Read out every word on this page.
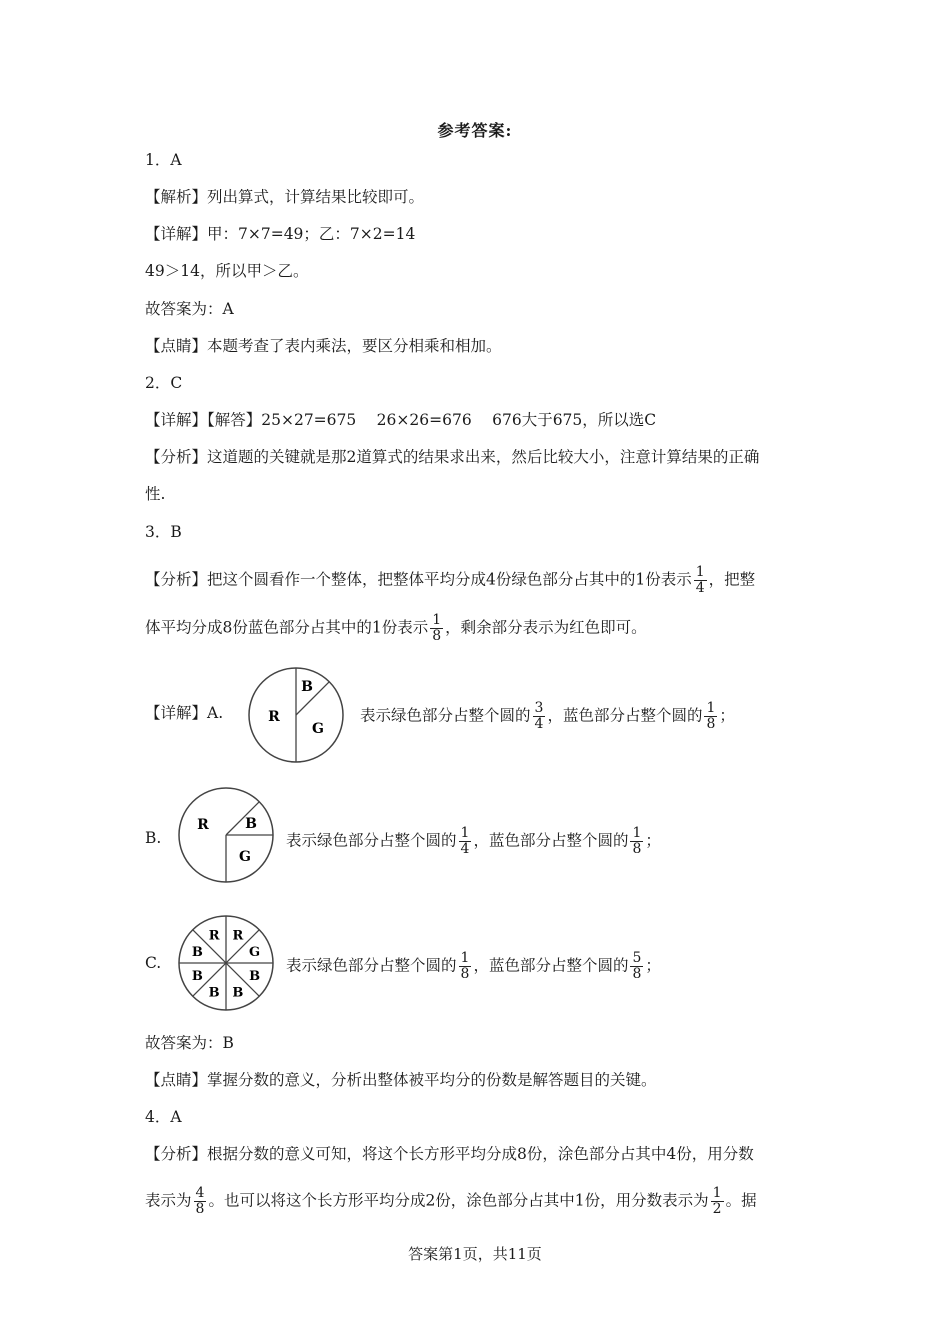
参考答案:
1．A
【解析】列出算式，计算结果比较即可。
【详解】甲：7×7=49；乙：7×2=14
49＞14，所以甲＞乙。
故答案为：A
【点睛】本题考查了表内乘法，要区分相乘和相加。
2．C
【详解】【解答】25×27=675　 26×26=676　 676大于675，所以选C
【分析】这道题的关键就是那2道算式的结果求出来，然后比较大小，注意计算结果的正确
性.
3．B
【分析】把这个圆看作一个整体，把整体平均分成4份绿色部分占其中的1份表示 $\frac{1}{4}$ ，把整
体平均分成8份蓝色部分占其中的1份表示 $\frac{1}{8}$ ，剩余部分表示为红色即可。
【详解】A.	R
B
G
表示绿色部分占整个圆的 $\frac{3}{4}$ ，蓝色部分占整个圆的 $\frac{1}{8}$ ；
B.
R	B
G
表示绿色部分占整个圆的 $\frac{1}{4}$ ，蓝色部分占整个圆的 $\frac{1}{8}$ ；
C.
R
G
B
B
B
B
B
R
表示绿色部分占整个圆的 $\frac{1}{8}$ ，蓝色部分占整个圆的 $\frac{5}{8}$ ；
故答案为：B
【点睛】掌握分数的意义，分析出整体被平均分的份数是解答题目的关键。
4．A
【分析】根据分数的意义可知，将这个长方形平均分成8份，涂色部分占其中4份，用分数
表示为 $\frac{4}{8}$ 。也可以将这个长方形平均分成2份，涂色部分占其中1份，用分数表示为 $\frac{1}{2}$ 。据
答案第1页，共11页
